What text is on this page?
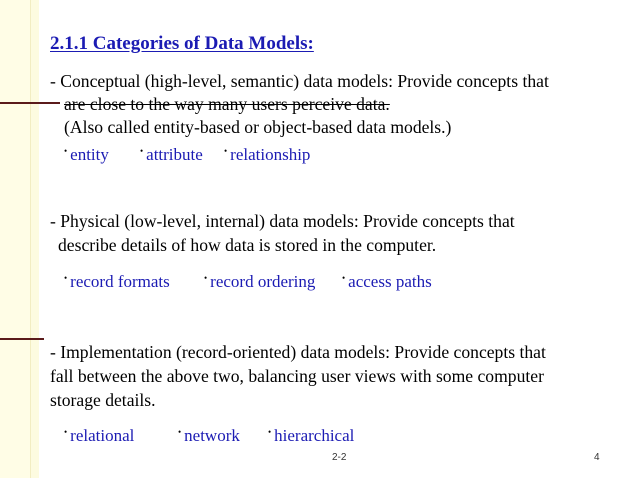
2.1.1 Categories of Data Models:
- Conceptual (high-level, semantic) data models: Provide concepts that
are close to the way many users perceive data.
(Also called entity-based or object-based data models.)
• entity	• attribute • relationship
- Physical (low-level, internal) data models: Provide concepts that
describe details of how data is stored in the computer.
• record formats	• record ordering	• access paths
- Implementation (record-oriented) data models: Provide concepts that
fall between the above two, balancing user views with some computer
storage details.
• relational	• network	• hierarchical
2-2	4
